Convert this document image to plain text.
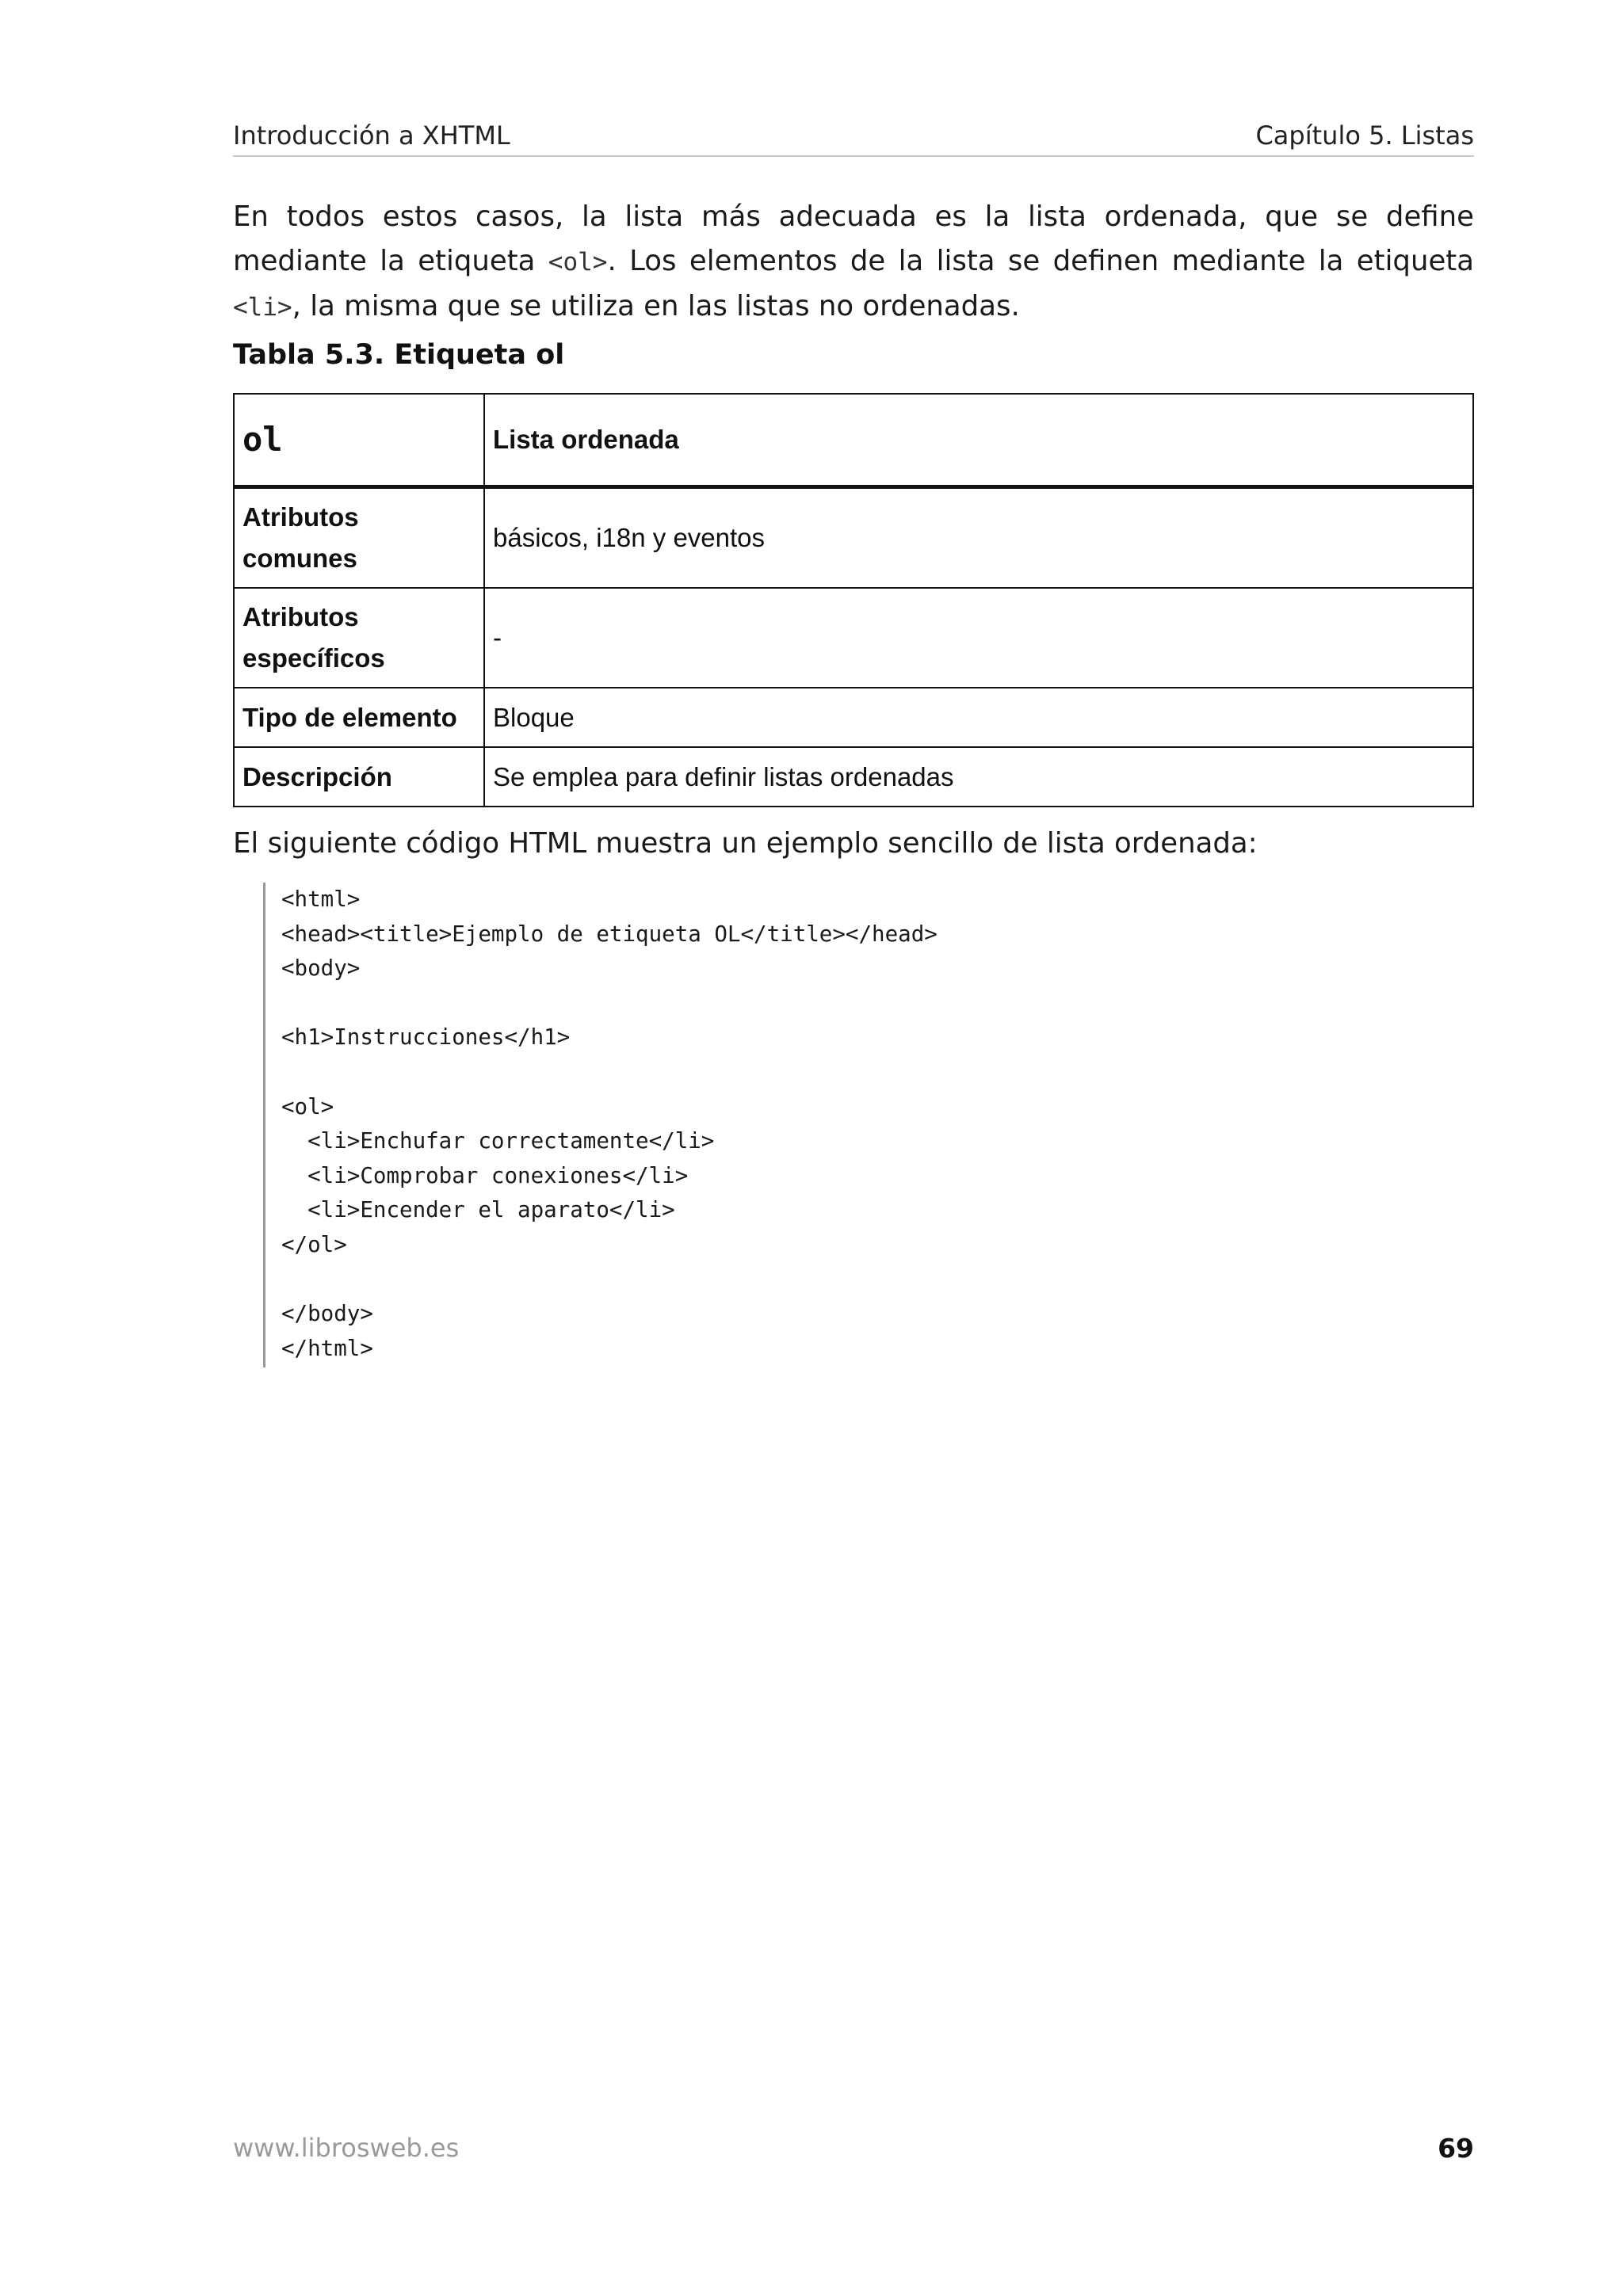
Introducción a XHTML	Capítulo 5. Listas

En todos estos casos, la lista más adecuada es la lista ordenada, que se define mediante la etiqueta <ol>. Los elementos de la lista se definen mediante la etiqueta <li>, la misma que se utiliza en las listas no ordenadas.

Tabla 5.3. Etiqueta ol
ol	Lista ordenada
Atributos comunes	básicos, i18n y eventos
Atributos específicos	-
Tipo de elemento	Bloque
Descripción	Se emplea para definir listas ordenadas
El siguiente código HTML muestra un ejemplo sencillo de lista ordenada:
<html>
<head><title>Ejemplo de etiqueta OL</title></head>
<body>

<h1>Instrucciones</h1>

<ol>
<li>Enchufar correctamente</li>
<li>Comprobar conexiones</li>
<li>Encender el aparato</li>
</ol>

</body>
</html>
www.librosweb.es	69
